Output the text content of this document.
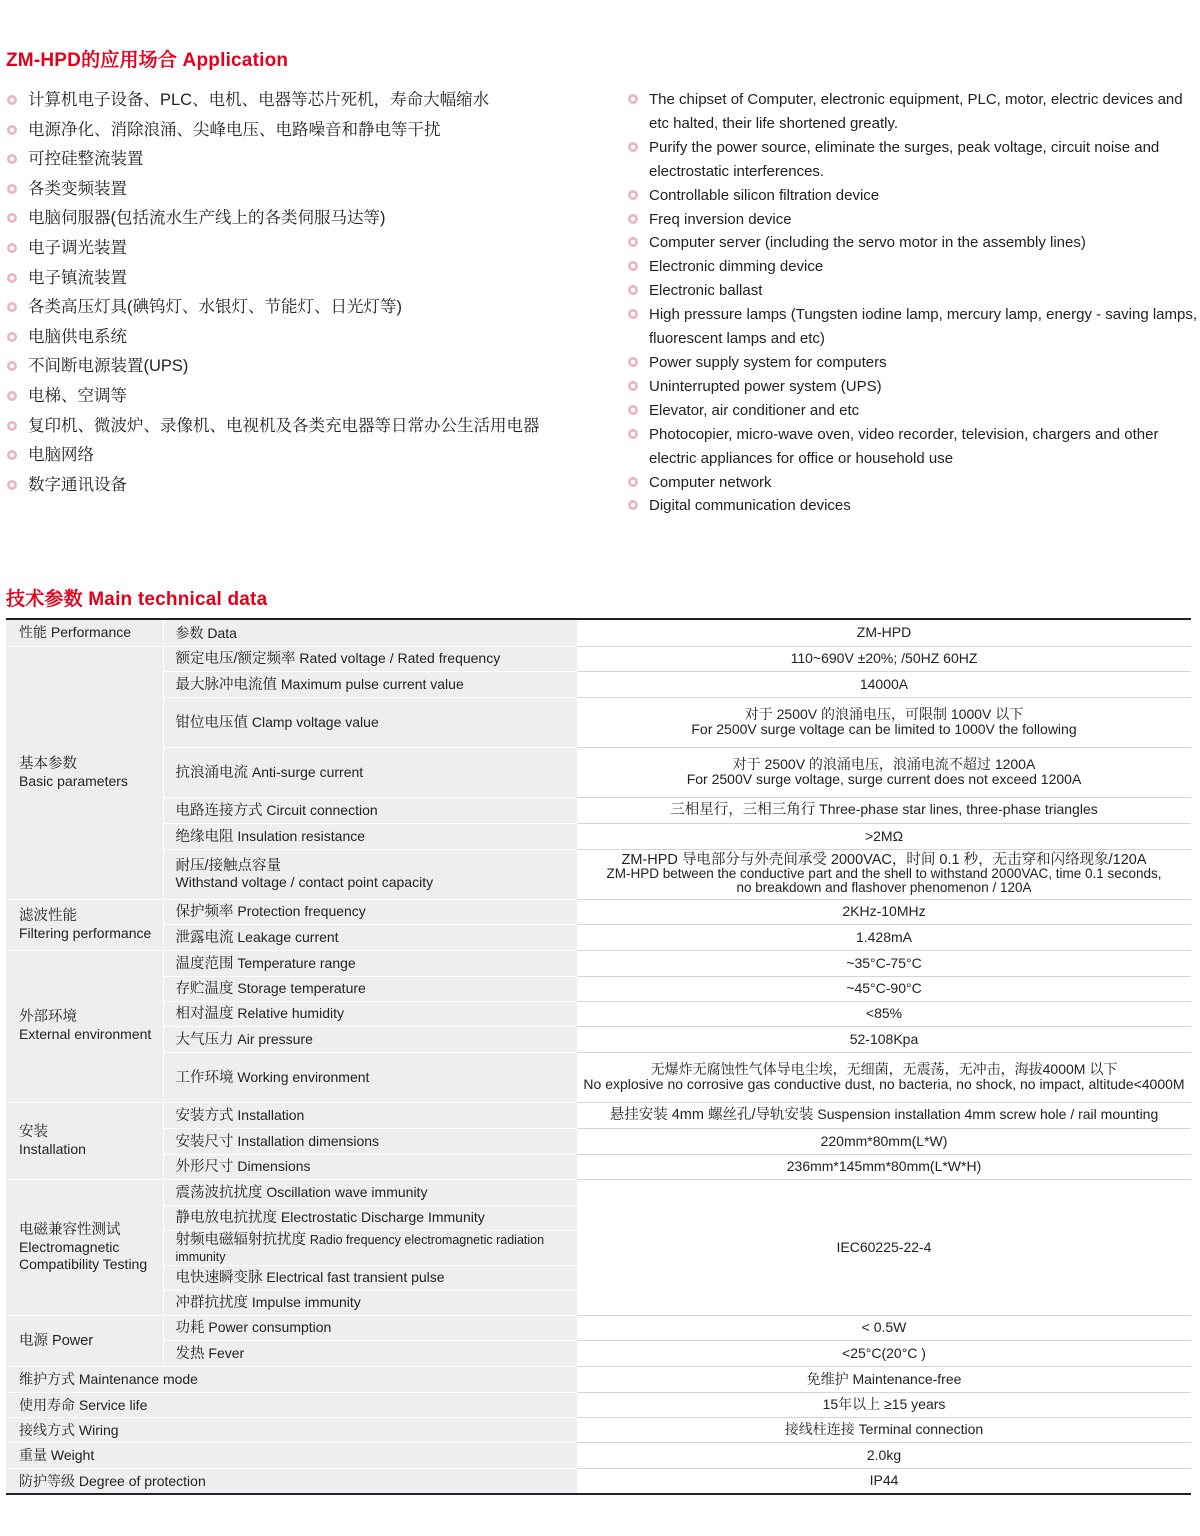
ZM-HPD的应用场合 Application
计算机电子设备、PLC、电机、电器等芯片死机，寿命大幅缩水
电源净化、消除浪涌、尖峰电压、电路噪音和静电等干扰
可控硅整流装置
各类变频装置
电脑伺服器(包括流水生产线上的各类伺服马达等)
电子调光装置
电子镇流装置
各类高压灯具(碘钨灯、水银灯、节能灯、日光灯等)
电脑供电系统
不间断电源装置(UPS)
电梯、空调等
复印机、微波炉、录像机、电视机及各类充电器等日常办公生活用电器
电脑网络
数字通讯设备
The chipset of Computer, electronic equipment, PLC, motor, electric devices and etc halted, their life shortened greatly.
Purify the power source, eliminate the surges, peak voltage, circuit noise and electrostatic interferences.
Controllable silicon filtration device
Freq inversion device
Computer server (including the servo motor in the assembly lines)
Electronic dimming device
Electronic ballast
High pressure lamps (Tungsten iodine lamp, mercury lamp, energy - saving lamps, fluorescent lamps and etc)
Power supply system for computers
Uninterrupted power system (UPS)
Elevator, air conditioner and etc
Photocopier, micro-wave oven, video recorder, television, chargers and other electric appliances for office or household use
Computer network
Digital communication devices
技术参数 Main technical data
性能 Performance	参数 Data	ZM-HPD

基本参数
Basic parameters	额定电压/额定频率 Rated voltage / Rated frequency	110~690V ±20%; /50HZ 60HZ
	最大脉冲电流值 Maximum pulse current value	14000A
	钳位电压值 Clamp voltage value	对于 2500V 的浪涌电压，可限制 1000V 以下
For 2500V surge voltage can be limited to 1000V the following

	抗浪涌电流 Anti-surge current	对于 2500V 的浪涌电压，浪涌电流不超过 1200A
For 2500V surge voltage, surge current does not exceed 1200A

	电路连接方式 Circuit connection	三相星行，三相三角行 Three-phase star lines, three-phase triangles
	绝缘电阻 Insulation resistance	>2MΩ

	耐压/接触点容量
Withstand voltage / contact point capacity	ZM-HPD 导电部分与外壳间承受 2000VAC，时间 0.1 秒，无击穿和闪络现象/120A
ZM-HPD between the conductive part and the shell to withstand 2000VAC, time 0.1 seconds,
no breakdown and flashover phenomenon / 120A

滤波性能
Filtering performance	保护频率 Protection frequency	2KHz-10MHz
	泄露电流 Leakage current	1.428mA

外部环境
External environment	温度范围 Temperature range	~35°C-75°C
	存贮温度 Storage temperature	~45°C-90°C
	相对温度 Relative humidity	<85%
	大气压力 Air pressure	52-108Kpa
	工作环境 Working environment	无爆炸无腐蚀性气体导电尘埃，无细菌，无震荡，无冲击，海拔4000M 以下
No explosive no corrosive gas conductive dust, no bacteria, no shock, no impact, altitude<4000M

安装
Installation	安装方式 Installation	悬挂安装 4mm 螺丝孔/导轨安装 Suspension installation 4mm screw hole / rail mounting
	安装尺寸 Installation dimensions	220mm*80mm(L*W)
	外形尺寸 Dimensions	236mm*145mm*80mm(L*W*H)

电磁兼容性测试
Electromagnetic
Compatibility Testing	震荡波抗扰度 Oscillation wave immunity	IEC60225-22-4
	静电放电抗扰度 Electrostatic Discharge Immunity	
	射频电磁辐射抗扰度 Radio frequency electromagnetic radiation immunity	
	电快速瞬变脉 Electrical fast transient pulse	
	冲群抗扰度 Impulse immunity	
电源 Power	功耗 Power consumption	< 0.5W
	发热 Fever	<25°C(20°C )
维护方式 Maintenance mode		免维护 Maintenance-free
使用寿命 Service life		15年以上 ≥15 years
接线方式 Wiring		接线柱连接 Terminal connection
重量 Weight		2.0kg
防护等级 Degree of protection		IP44
